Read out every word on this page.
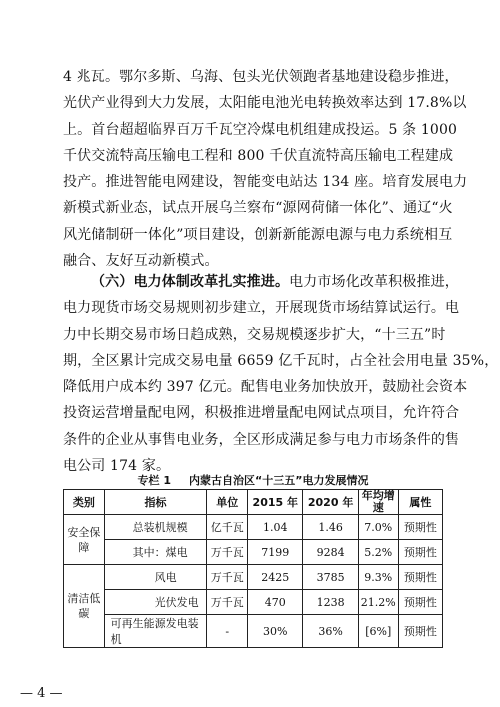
4 兆瓦。鄂尔多斯、乌海、包头光伏领跑者基地建设稳步推进，
光伏产业得到大力发展，太阳能电池光电转换效率达到 17.8%以
上。首台超超临界百万千瓦空冷煤电机组建成投运。5 条 1000
千伏交流特高压输电工程和 800 千伏直流特高压输电工程建成
投产。推进智能电网建设，智能变电站达 134 座。培育发展电力
新模式新业态，试点开展乌兰察布“源网荷储一体化”、通辽“火
风光储制研一体化”项目建设，创新新能源电源与电力系统相互
融合、友好互动新模式。
（六）电力体制改革扎实推进。电力市场化改革积极推进，
电力现货市场交易规则初步建立，开展现货市场结算试运行。电
力中长期交易市场日趋成熟，交易规模逐步扩大，“十三五”时
期，全区累计完成交易电量 6659 亿千瓦时，占全社会用电量 35%，
降低用户成本约 397 亿元。配售电业务加快放开，鼓励社会资本
投资运营增量配电网，积极推进增量配电网试点项目，允许符合
条件的企业从事售电业务，全区形成满足参与电力市场条件的售
电公司 174 家。
专栏 1 内蒙古自治区“十三五”电力发展情况
类别	指标	单位	2015 年	2020 年	年均增速	属性
安全保障	总装机规模	亿千瓦	1.04	1.46	7.0%	预期性
	其中：煤电	万千瓦	7199	9284	5.2%	预期性
清洁低碳	风电	万千瓦	2425	3785	9.3%	预期性
	光伏发电	万千瓦	470	1238	21.2%	预期性
	可再生能源发电装机	-	30%	36%	[6%]	预期性
— 4 —
